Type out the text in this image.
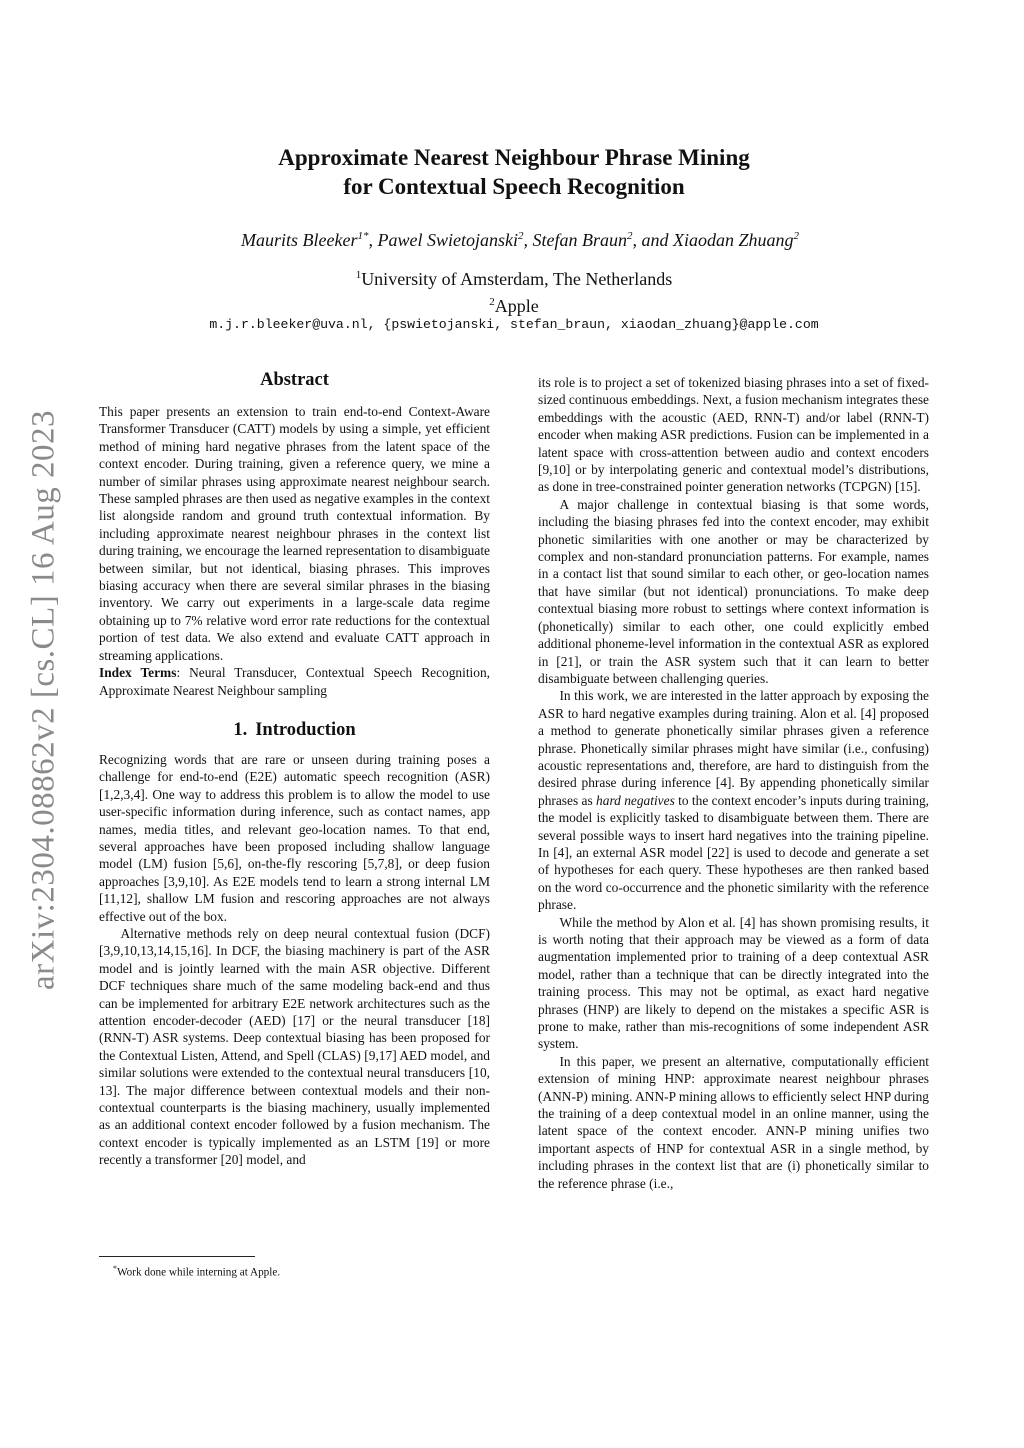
arXiv:2304.08862v2 [cs.CL] 16 Aug 2023
Approximate Nearest Neighbour Phrase Mining
for Contextual Speech Recognition
Maurits Bleeker$^{1*}$, Pawel Swietojanski$^2$, Stefan Braun$^2$, and Xiaodan Zhuang$^2$
$^1$University of Amsterdam, The Netherlands
$^2$Apple
m.j.r.bleeker@uva.nl, {pswietojanski, stefan_braun, xiaodan_zhuang}@apple.com

Abstract

This paper presents an extension to train end-to-end Context-Aware Transformer Transducer (CATT) models by using a simple, yet efficient method of mining hard negative phrases from the latent space of the context encoder. During training, given a reference query, we mine a number of similar phrases using approximate nearest neighbour search. These sampled phrases are then used as negative examples in the context list alongside random and ground truth contextual information. By including approximate nearest neighbour phrases in the context list during training, we encourage the learned representation to disambiguate between similar, but not identical, biasing phrases. This improves biasing accuracy when there are several similar phrases in the biasing inventory. We carry out experiments in a large-scale data regime obtaining up to 7% relative word error rate reductions for the contextual portion of test data. We also extend and evaluate CATT approach in streaming applications.

Index Terms: Neural Transducer, Contextual Speech Recognition, Approximate Nearest Neighbour sampling

1. Introduction

Recognizing words that are rare or unseen during training poses a challenge for end-to-end (E2E) automatic speech recognition (ASR) [1,2,3,4]. One way to address this problem is to allow the model to use user-specific information during inference, such as contact names, app names, media titles, and relevant geo-location names. To that end, several approaches have been proposed including shallow language model (LM) fusion [5,6], on-the-fly rescoring [5,7,8], or deep fusion approaches [3,9,10]. As E2E models tend to learn a strong internal LM [11,12], shallow LM fusion and rescoring approaches are not always effective out of the box.

Alternative methods rely on deep neural contextual fusion (DCF) [3,9,10,13,14,15,16]. In DCF, the biasing machinery is part of the ASR model and is jointly learned with the main ASR objective. Different DCF techniques share much of the same modeling back-end and thus can be implemented for arbitrary E2E network architectures such as the attention encoder-decoder (AED) [17] or the neural transducer [18] (RNN-T) ASR systems. Deep contextual biasing has been proposed for the Contextual Listen, Attend, and Spell (CLAS) [9,17] AED model, and similar solutions were extended to the contextual neural transducers [10, 13]. The major difference between contextual models and their non-contextual counterparts is the biasing machinery, usually implemented as an additional context encoder followed by a fusion mechanism. The context encoder is typically implemented as an LSTM [19] or more recently a transformer [20] model, and

its role is to project a set of tokenized biasing phrases into a set of fixed-sized continuous embeddings. Next, a fusion mechanism integrates these embeddings with the acoustic (AED, RNN-T) and/or label (RNN-T) encoder when making ASR predictions. Fusion can be implemented in a latent space with cross-attention between audio and context encoders [9,10] or by interpolating generic and contextual model’s distributions, as done in tree-constrained pointer generation networks (TCPGN) [15].

A major challenge in contextual biasing is that some words, including the biasing phrases fed into the context encoder, may exhibit phonetic similarities with one another or may be characterized by complex and non-standard pronunciation patterns. For example, names in a contact list that sound similar to each other, or geo-location names that have similar (but not identical) pronunciations. To make deep contextual biasing more robust to settings where context information is (phonetically) similar to each other, one could explicitly embed additional phoneme-level information in the contextual ASR as explored in [21], or train the ASR system such that it can learn to better disambiguate between challenging queries.

In this work, we are interested in the latter approach by exposing the ASR to hard negative examples during training. Alon et al. [4] proposed a method to generate phonetically similar phrases given a reference phrase. Phonetically similar phrases might have similar (i.e., confusing) acoustic representations and, therefore, are hard to distinguish from the desired phrase during inference [4]. By appending phonetically similar phrases as hard negatives to the context encoder’s inputs during training, the model is explicitly tasked to disambiguate between them. There are several possible ways to insert hard negatives into the training pipeline. In [4], an external ASR model [22] is used to decode and generate a set of hypotheses for each query. These hypotheses are then ranked based on the word co-occurrence and the phonetic similarity with the reference phrase.

While the method by Alon et al. [4] has shown promising results, it is worth noting that their approach may be viewed as a form of data augmentation implemented prior to training of a deep contextual ASR model, rather than a technique that can be directly integrated into the training process. This may not be optimal, as exact hard negative phrases (HNP) are likely to depend on the mistakes a specific ASR is prone to make, rather than mis-recognitions of some independent ASR system.

In this paper, we present an alternative, computationally efficient extension of mining HNP: approximate nearest neighbour phrases (ANN-P) mining. ANN-P mining allows to efficiently select HNP during the training of a deep contextual model in an online manner, using the latent space of the context encoder. ANN-P mining unifies two important aspects of HNP for contextual ASR in a single method, by including phrases in the context list that are (i) phonetically similar to the reference phrase (i.e.,

*Work done while interning at Apple.
